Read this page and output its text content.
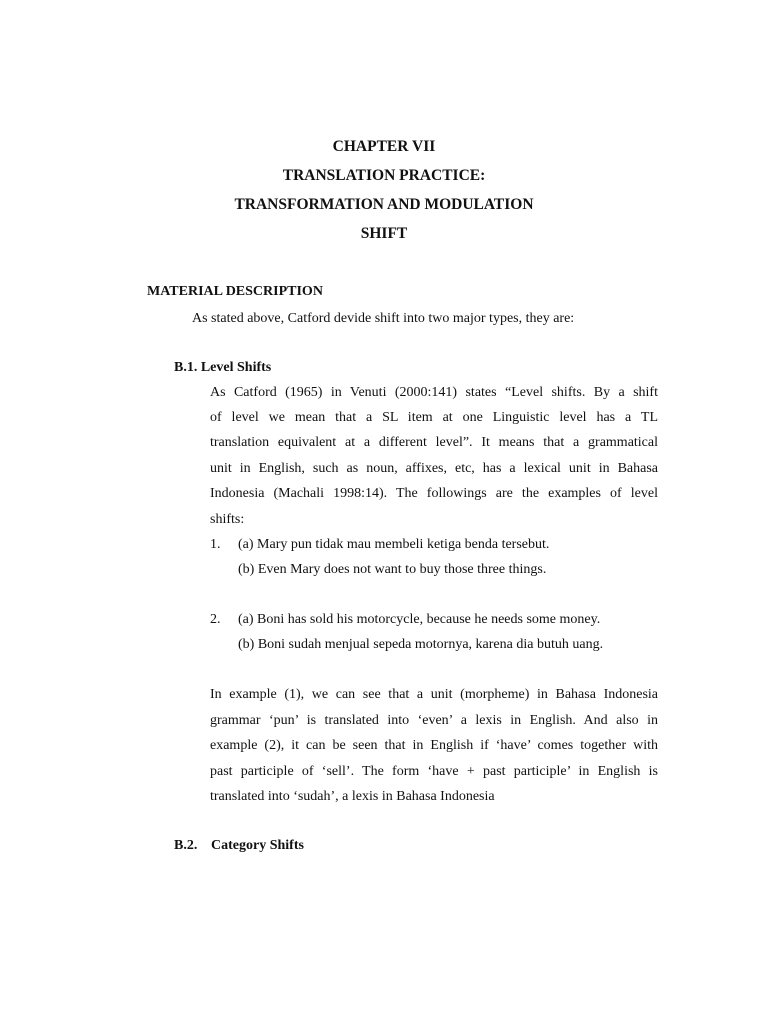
CHAPTER VII
TRANSLATION PRACTICE:
TRANSFORMATION AND MODULATION
SHIFT
MATERIAL DESCRIPTION
As stated above, Catford devide shift into two major types, they are:
B.1. Level Shifts
As Catford (1965) in Venuti (2000:141) states “Level shifts. By a shift
of level we mean that a SL item at one Linguistic level has a TL
translation equivalent at a different level”. It means that a grammatical
unit in English, such as noun, affixes, etc, has a lexical unit in Bahasa
Indonesia (Machali 1998:14). The followings are the examples of level
shifts:
1. (a) Mary pun tidak mau membeli ketiga benda tersebut.
(b) Even Mary does not want to buy those three things.
2. (a) Boni has sold his motorcycle, because he needs some money.
(b) Boni sudah menjual sepeda motornya, karena dia butuh uang.
In example (1), we can see that a unit (morpheme) in Bahasa Indonesia
grammar ‘pun’ is translated into ‘even’ a lexis in English. And also in
example (2), it can be seen that in English if ‘have’ comes together with
past participle of ‘sell’. The form ‘have + past participle’ in English is
translated into ‘sudah’, a lexis in Bahasa Indonesia
B.2. Category Shifts
